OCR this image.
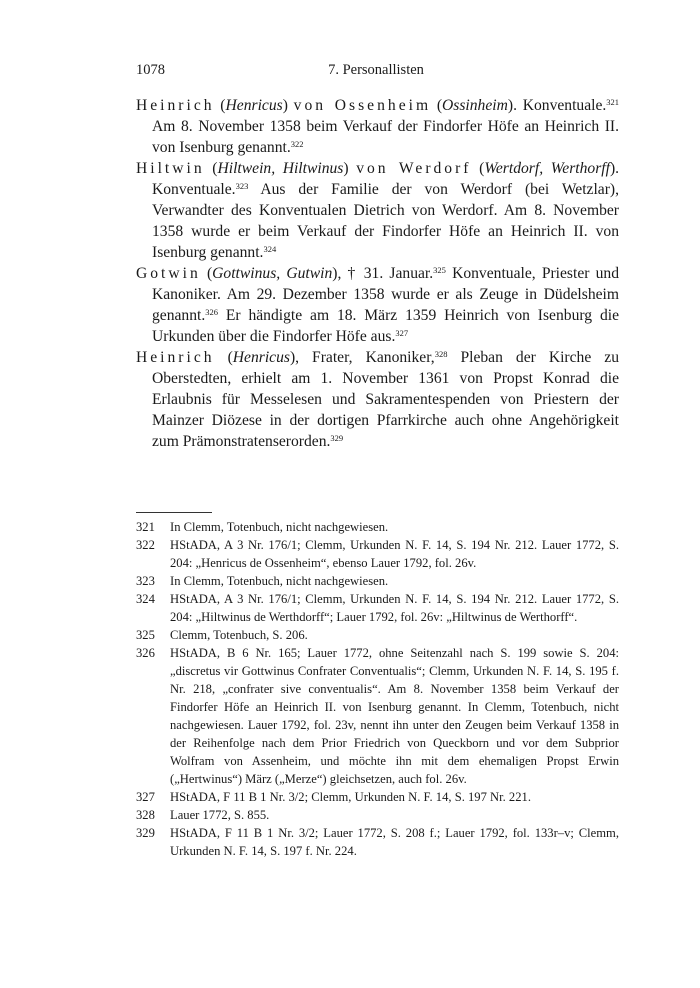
1078	7. Personallisten

Heinrich (Henricus) von Ossenheim (Ossinheim). Konventuale.$^{321}$ Am 8. November 1358 beim Verkauf der Findorfer Höfe an Heinrich II. von Isenburg genannt.$^{322}$

Hiltwin (Hiltwein, Hiltwinus) von Werdorf (Wertdorf, Werthorff). Konventuale.$^{323}$ Aus der Familie der von Werdorf (bei Wetzlar), Verwandter des Konventualen Dietrich von Werdorf. Am 8. November 1358 wurde er beim Verkauf der Findorfer Höfe an Heinrich II. von Isenburg genannt.$^{324}$

Gotwin (Gottwinus, Gutwin), † 31. Januar.$^{325}$ Konventuale, Priester und Kanoniker. Am 29. Dezember 1358 wurde er als Zeuge in Düdelsheim genannt.$^{326}$ Er händigte am 18. März 1359 Heinrich von Isenburg die Urkunden über die Findorfer Höfe aus.$^{327}$

Heinrich (Henricus), Frater, Kanoniker,$^{328}$ Pleban der Kirche zu Oberstedten, erhielt am 1. November 1361 von Propst Konrad die Erlaubnis für Messelesen und Sakramentespenden von Priestern der Mainzer Diözese in der dortigen Pfarrkirche auch ohne Angehörigkeit zum Prämonstratenserorden.$^{329}$

321	In Clemm, Totenbuch, nicht nachgewiesen.
322	HStADA, A 3 Nr. 176/1; Clemm, Urkunden N. F. 14, S. 194 Nr. 212. Lauer 1772, S. 204: „Henricus de Ossenheim“, ebenso Lauer 1792, fol. 26v.
323	In Clemm, Totenbuch, nicht nachgewiesen.
324	HStADA, A 3 Nr. 176/1; Clemm, Urkunden N. F. 14, S. 194 Nr. 212. Lauer 1772, S. 204: „Hiltwinus de Werthdorff“; Lauer 1792, fol. 26v: „Hiltwinus de Werthorff“.
325	Clemm, Totenbuch, S. 206.
326	HStADA, B 6 Nr. 165; Lauer 1772, ohne Seitenzahl nach S. 199 sowie S. 204: „discretus vir Gottwinus Confrater Conventualis“; Clemm, Urkunden N. F. 14, S. 195 f. Nr. 218, „confrater sive conventualis“. Am 8. November 1358 beim Verkauf der Findorfer Höfe an Heinrich II. von Isenburg genannt. In Clemm, Totenbuch, nicht nachgewiesen. Lauer 1792, fol. 23v, nennt ihn unter den Zeugen beim Verkauf 1358 in der Reihenfolge nach dem Prior Friedrich von Queckborn und vor dem Subprior Wolfram von Assenheim, und möchte ihn mit dem ehemaligen Propst Erwin („Hertwinus“) März („Merze“) gleichsetzen, auch fol. 26v.
327	HStADA, F 11 B 1 Nr. 3/2; Clemm, Urkunden N. F. 14, S. 197 Nr. 221.
328	Lauer 1772, S. 855.
329	HStADA, F 11 B 1 Nr. 3/2; Lauer 1772, S. 208 f.; Lauer 1792, fol. 133r–v; Clemm, Urkunden N. F. 14, S. 197 f. Nr. 224.
